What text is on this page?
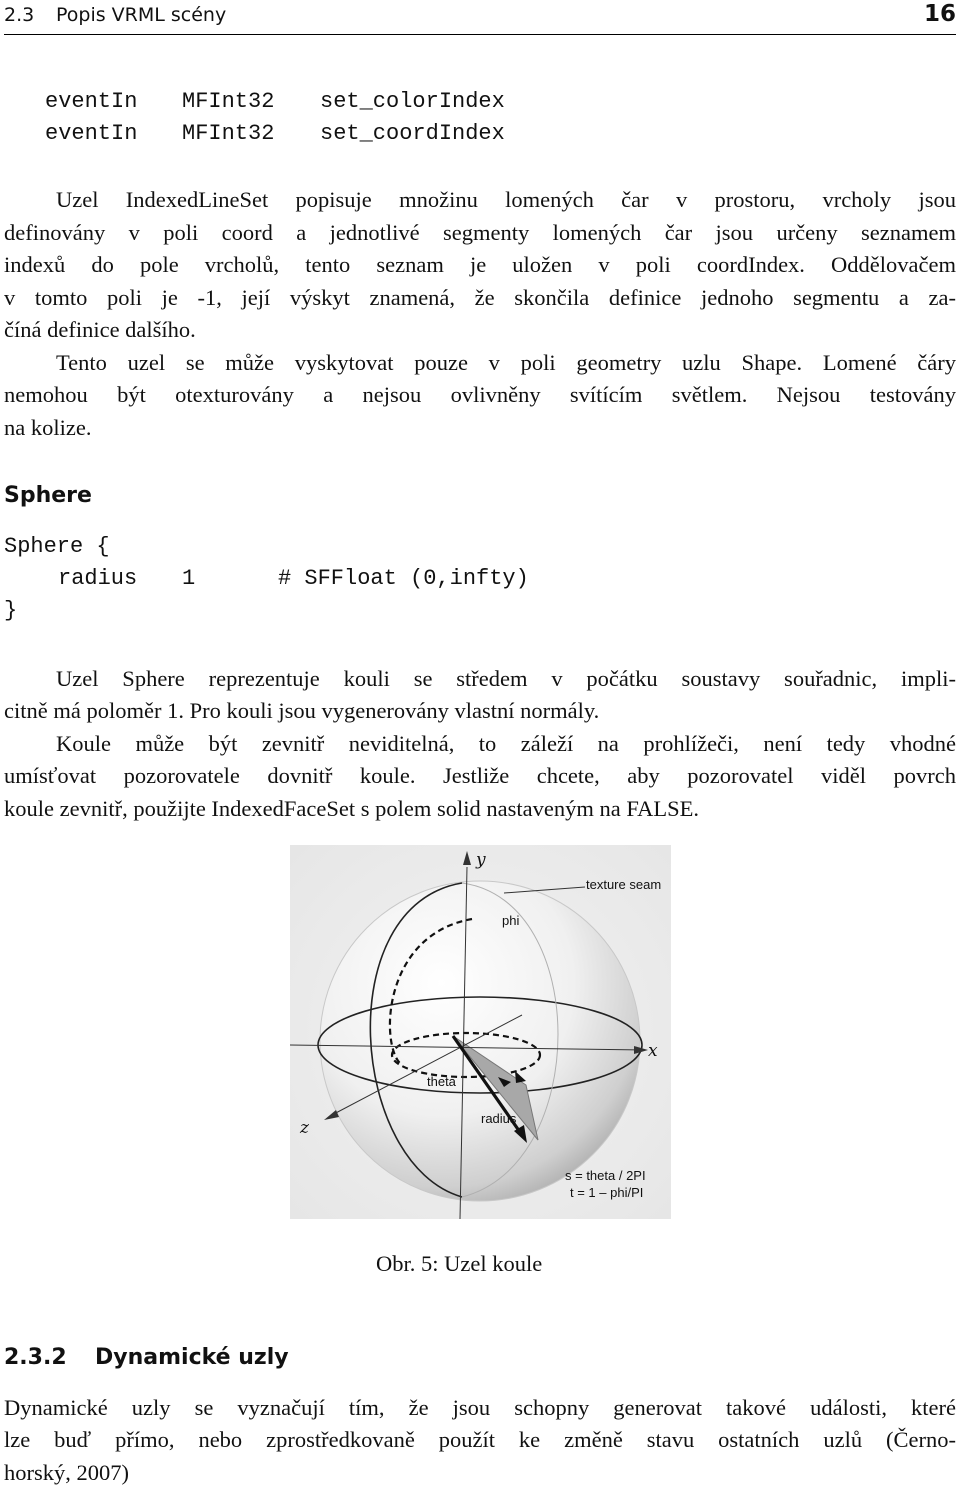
2.3 Popis VRML scény	16
eventIn MFInt32 set_colorIndex
eventIn MFInt32 set_coordIndex
Uzel IndexedLineSet popisuje množinu lomených čar v prostoru, vrcholy jsou
definovány v poli coord a jednotlivé segmenty lomených čar jsou určeny seznamem
indexů do pole vrcholů, tento seznam je uložen v poli coordIndex. Oddělovačem
v tomto poli je -1, její výskyt znamená, že skončila definice jednoho segmentu a za-
číná definice dalšího.
Tento uzel se může vyskytovat pouze v poli geometry uzlu Shape. Lomené čáry
nemohou být otexturovány a nejsou ovlivněny svítícím světlem. Nejsou testovány
na kolize.
Sphere
Sphere {
radius 1	# SFFloat (0,infty)
}
Uzel Sphere reprezentuje kouli se středem v počátku soustavy souřadnic, impli-
citně má poloměr 1. Pro kouli jsou vygenerovány vlastní normály.
Koule může být zevnitř neviditelná, to záleží na prohlížeči, není tedy vhodné
umísťovat pozorovatele dovnitř koule. Jestliže chcete, aby pozorovatel viděl povrch
koule zevnitř, použijte IndexedFaceSet s polem solid nastaveným na FALSE.
y
x
z
texture seam
phi
theta
radius
s = theta / 2PI
t = 1 – phi/PI
Obr. 5: Uzel koule
2.3.2 Dynamické uzly
Dynamické uzly se vyznačují tím, že jsou schopny generovat takové události, které
lze buď přímo, nebo zprostředkovaně použít ke změně stavu ostatních uzlů (Černo-
horský, 2007)
